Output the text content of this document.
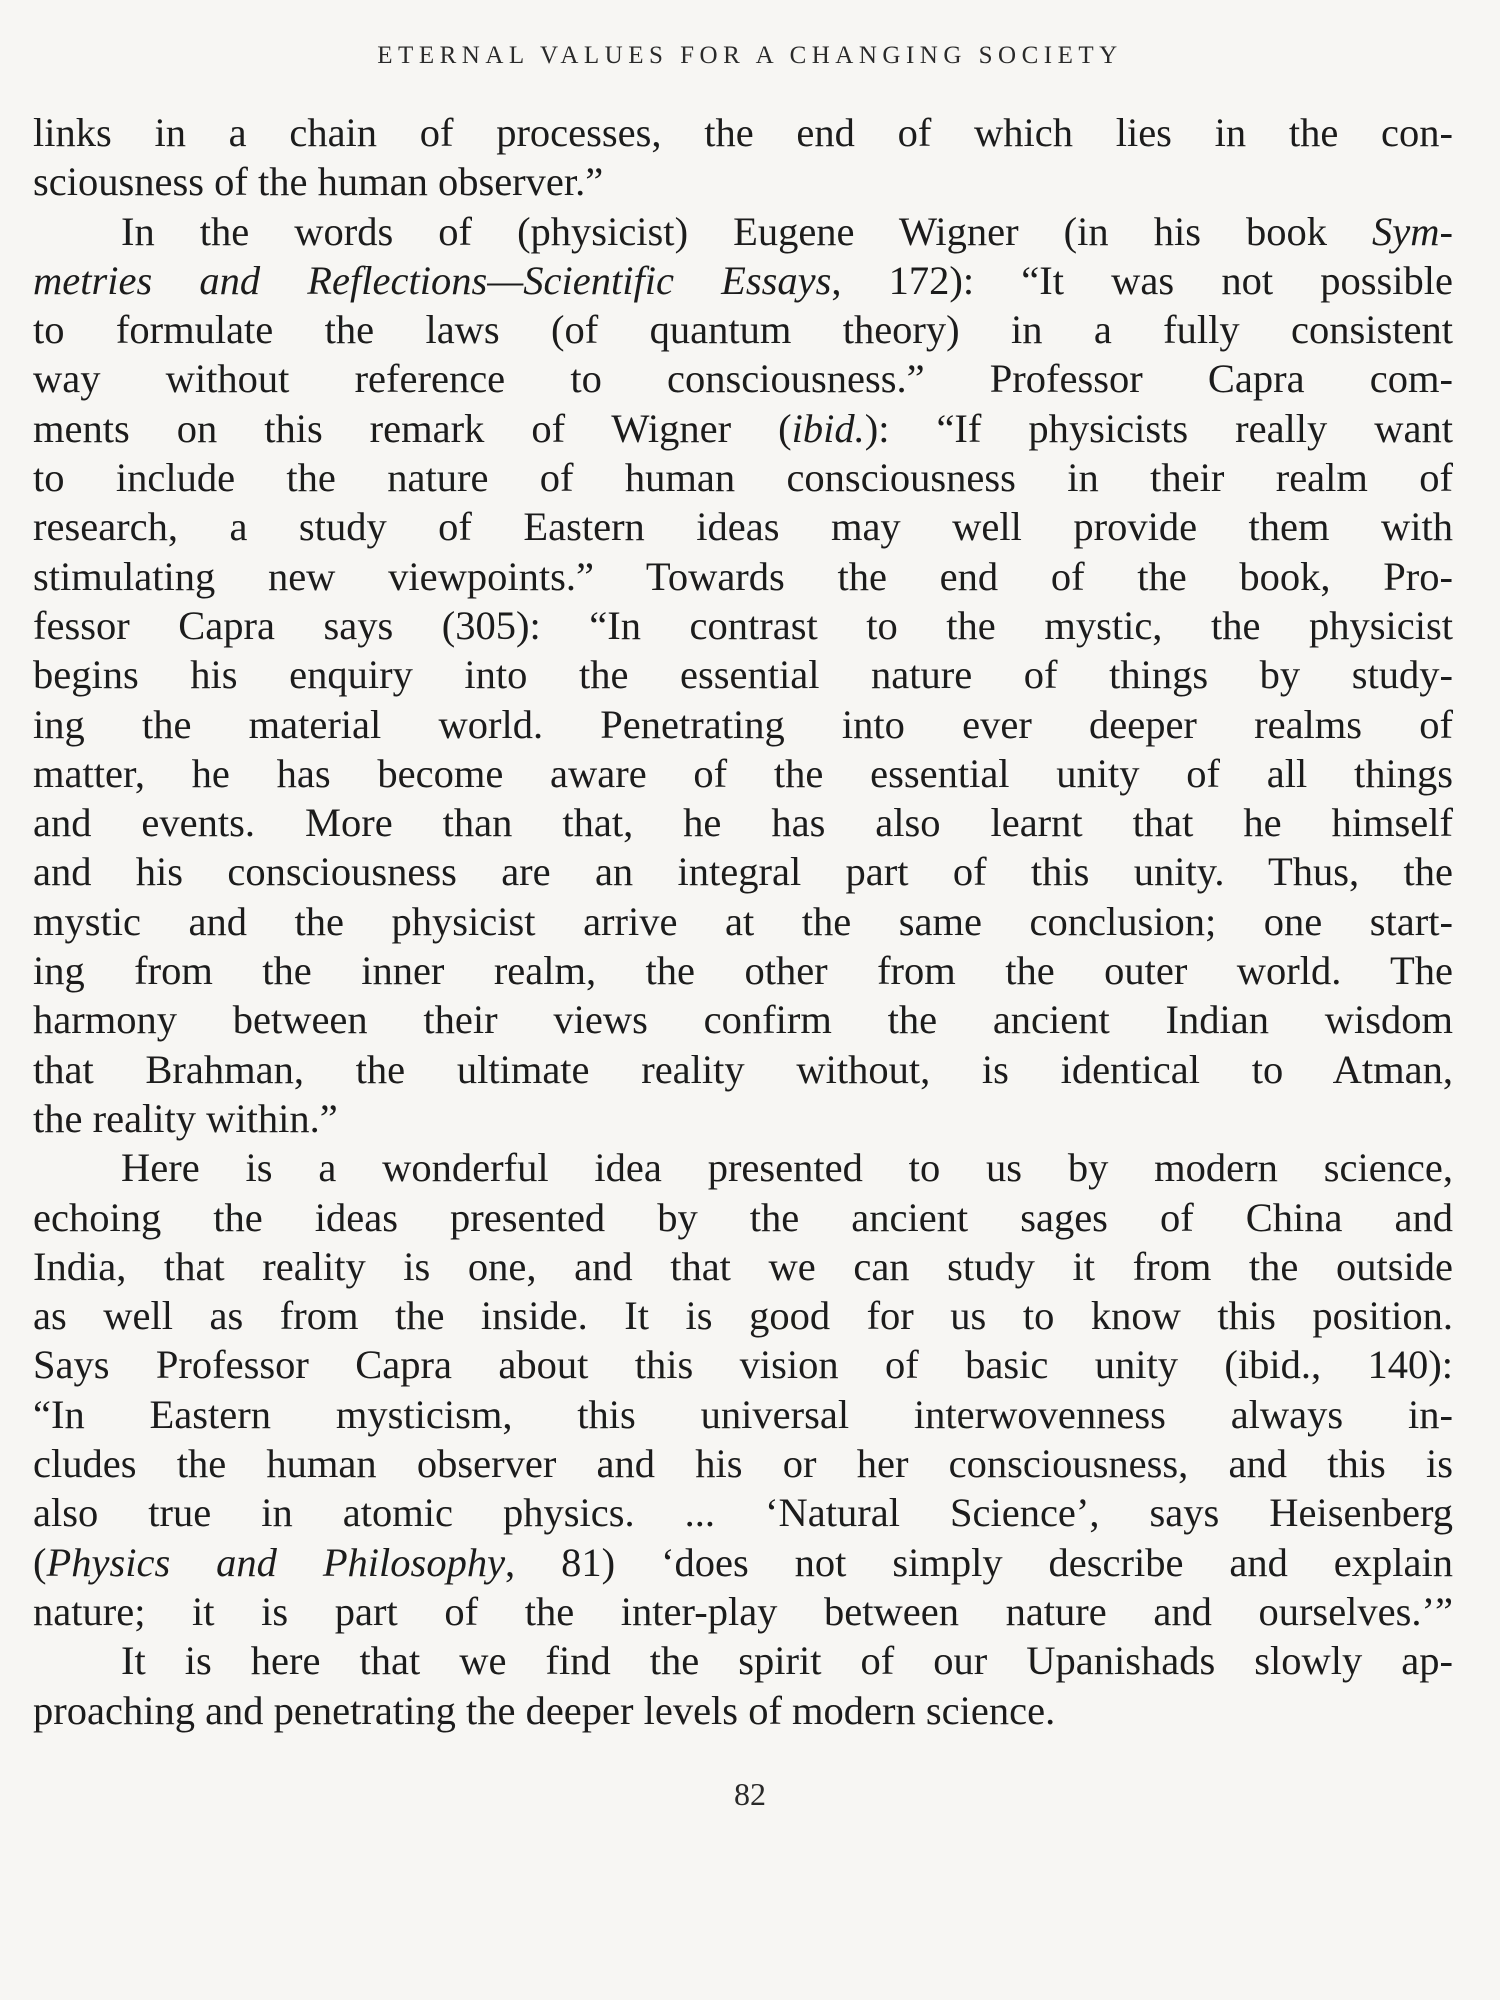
ETERNAL VALUES FOR A CHANGING SOCIETY
links in a chain of processes, the end of which lies in the con-
sciousness of the human observer.”
In the words of (physicist) Eugene Wigner (in his book Sym-
metries and Reflections—Scientific Essays, 172): “It was not possible
to formulate the laws (of quantum theory) in a fully consistent
way without reference to consciousness.” Professor Capra com-
ments on this remark of Wigner (ibid.): “If physicists really want
to include the nature of human consciousness in their realm of
research, a study of Eastern ideas may well provide them with
stimulating new viewpoints.” Towards the end of the book, Pro-
fessor Capra says (305): “In contrast to the mystic, the physicist
begins his enquiry into the essential nature of things by study-
ing the material world. Penetrating into ever deeper realms of
matter, he has become aware of the essential unity of all things
and events. More than that, he has also learnt that he himself
and his consciousness are an integral part of this unity. Thus, the
mystic and the physicist arrive at the same conclusion; one start-
ing from the inner realm, the other from the outer world. The
harmony between their views confirm the ancient Indian wisdom
that Brahman, the ultimate reality without, is identical to Atman,
the reality within.”
Here is a wonderful idea presented to us by modern science,
echoing the ideas presented by the ancient sages of China and
India, that reality is one, and that we can study it from the outside
as well as from the inside. It is good for us to know this position.
Says Professor Capra about this vision of basic unity (ibid., 140):
“In Eastern mysticism, this universal interwovenness always in-
cludes the human observer and his or her consciousness, and this is
also true in atomic physics. ... ‘Natural Science’, says Heisenberg
(Physics and Philosophy, 81) ‘does not simply describe and explain
nature; it is part of the inter-play between nature and ourselves.’”
It is here that we find the spirit of our Upanishads slowly ap-
proaching and penetrating the deeper levels of modern science.
82
